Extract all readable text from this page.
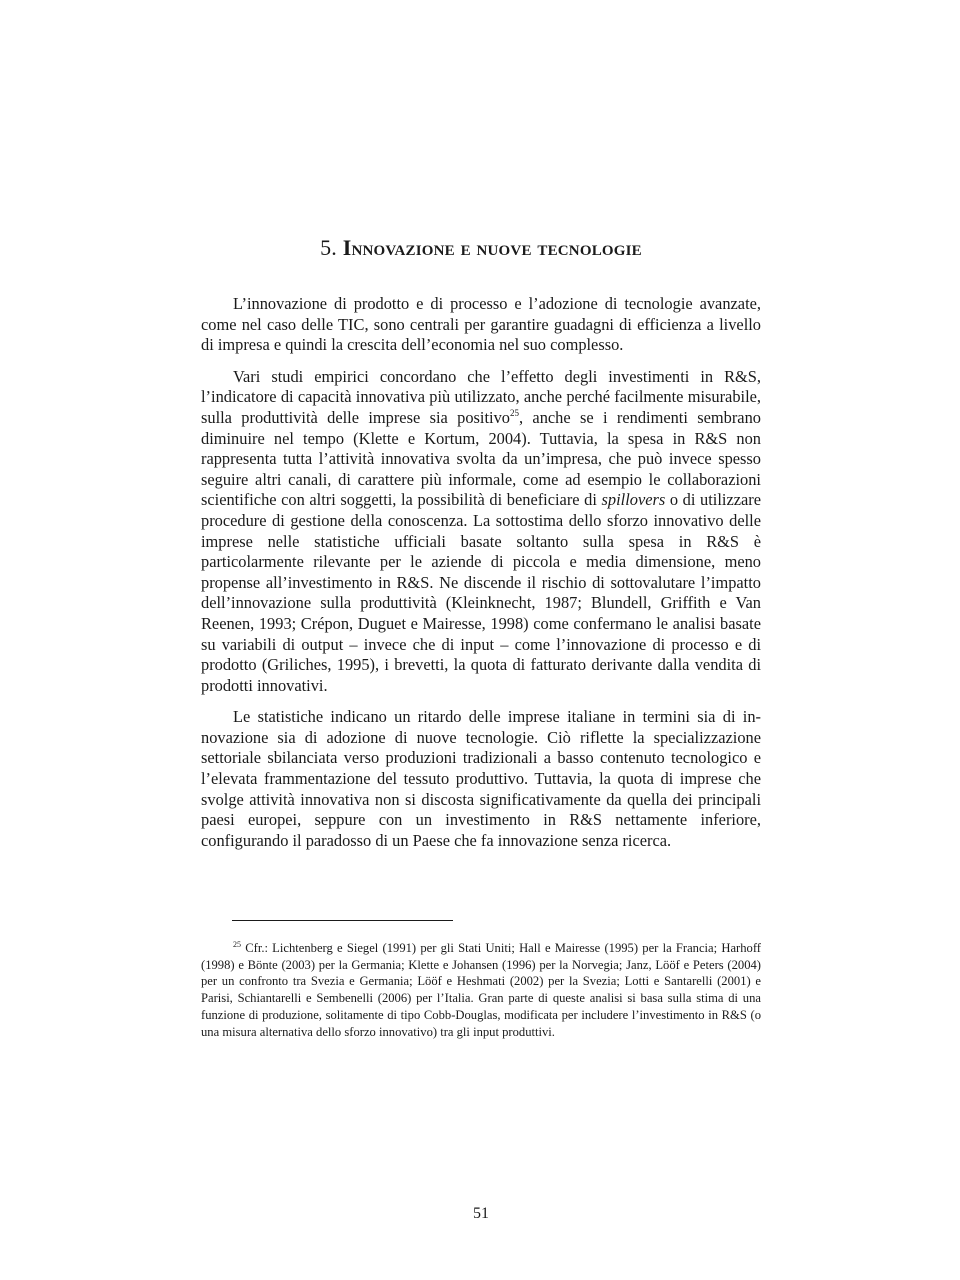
5. Innovazione e nuove tecnologie

L’innovazione di prodotto e di processo e l’adozione di tecnologie avanzate, come nel caso delle TIC, sono centrali per garantire guadagni di efficienza a livello di impresa e quindi la crescita dell’economia nel suo complesso.

Vari studi empirici concordano che l’effetto degli investimenti in R&S, l’indicatore di capacità innovativa più utilizzato, anche perché facilmente misurabile, sulla produttività delle imprese sia positivo$^{25}$, anche se i rendimenti sembrano diminuire nel tempo (Klette e Kortum, 2004). Tuttavia, la spesa in R&S non rappresenta tutta l’attività innovativa svolta da un’impresa, che può invece spesso seguire altri canali, di carattere più informale, come ad esempio le collaborazioni scientifiche con altri soggetti, la possibilità di beneficiare di spillovers o di utilizzare procedure di gestione della conoscenza. La sottostima dello sforzo innovativo delle imprese nelle statistiche ufficiali basate soltanto sulla spesa in R&S è particolarmente rilevante per le aziende di piccola e media dimensione, meno propense all’investimento in R&S. Ne discende il rischio di sottovalutare l’impatto dell’innovazione sulla produttività (Kleinknecht, 1987; Blundell, Griffith e Van Reenen, 1993; Crépon, Duguet e Mairesse, 1998) come confermano le analisi basate su variabili di output – invece che di input – come l’innovazione di processo e di prodotto (Griliches, 1995), i brevetti, la quota di fatturato derivante dalla vendita di prodotti innovativi.

Le statistiche indicano un ritardo delle imprese italiane in termini sia di innovazione sia di adozione di nuove tecnologie. Ciò riflette la specializzazione settoriale sbilanciata verso produzioni tradizionali a basso contenuto tecnologico e l’elevata frammentazione del tessuto produttivo. Tuttavia, la quota di imprese che svolge attività innovativa non si discosta significativamente da quella dei principali paesi europei, seppure con un investimento in R&S nettamente inferiore, configurando il paradosso di un Paese che fa innovazione senza ricerca.

$^{25}$ Cfr.: Lichtenberg e Siegel (1991) per gli Stati Uniti; Hall e Mairesse (1995) per la Francia; Harhoff (1998) e Bönte (2003) per la Germania; Klette e Johansen (1996) per la Norvegia; Janz, Lööf e Peters (2004) per un confronto tra Svezia e Germania; Lööf e Heshmati (2002) per la Svezia; Lotti e Santarelli (2001) e Parisi, Schiantarelli e Sembenelli (2006) per l’Italia. Gran parte di queste analisi si basa sulla stima di una funzione di produzione, solitamente di tipo Cobb-Douglas, modificata per includere l’investimento in R&S (o una misura alternativa dello sforzo innovativo) tra gli input produttivi.

51
